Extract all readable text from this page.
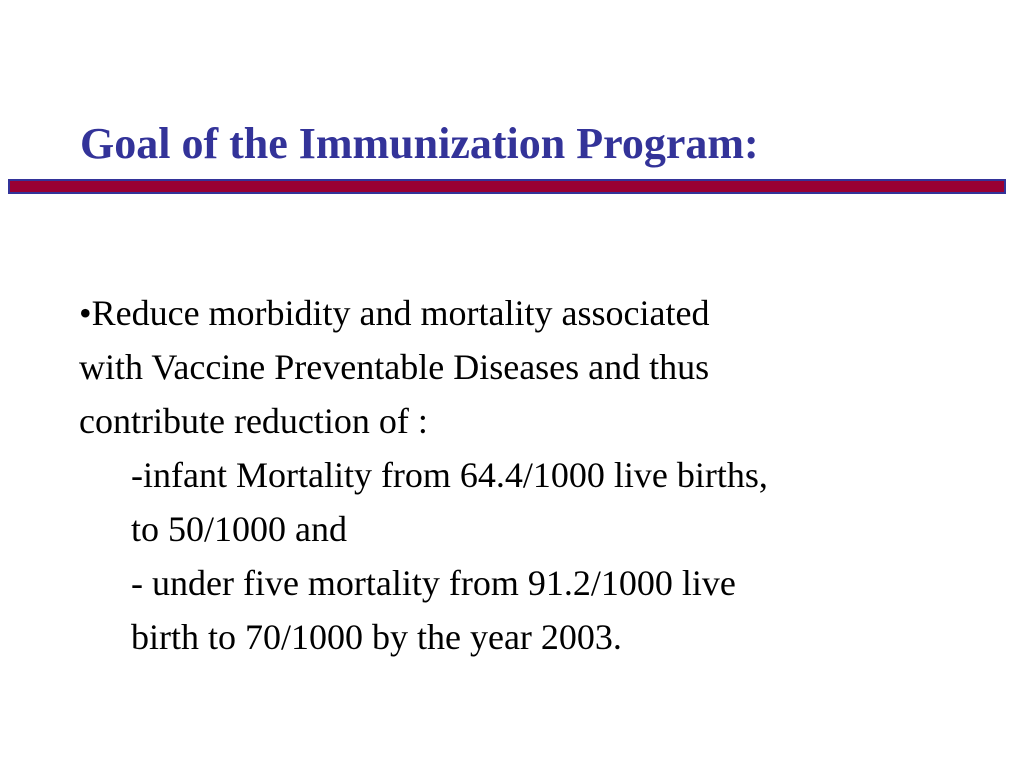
Goal of the Immunization Program:
•Reduce morbidity and mortality associated
with Vaccine Preventable Diseases and thus
contribute reduction of :
-infant Mortality from 64.4/1000 live births,
to 50/1000 and
- under five mortality from 91.2/1000 live
birth to 70/1000 by the year 2003.
